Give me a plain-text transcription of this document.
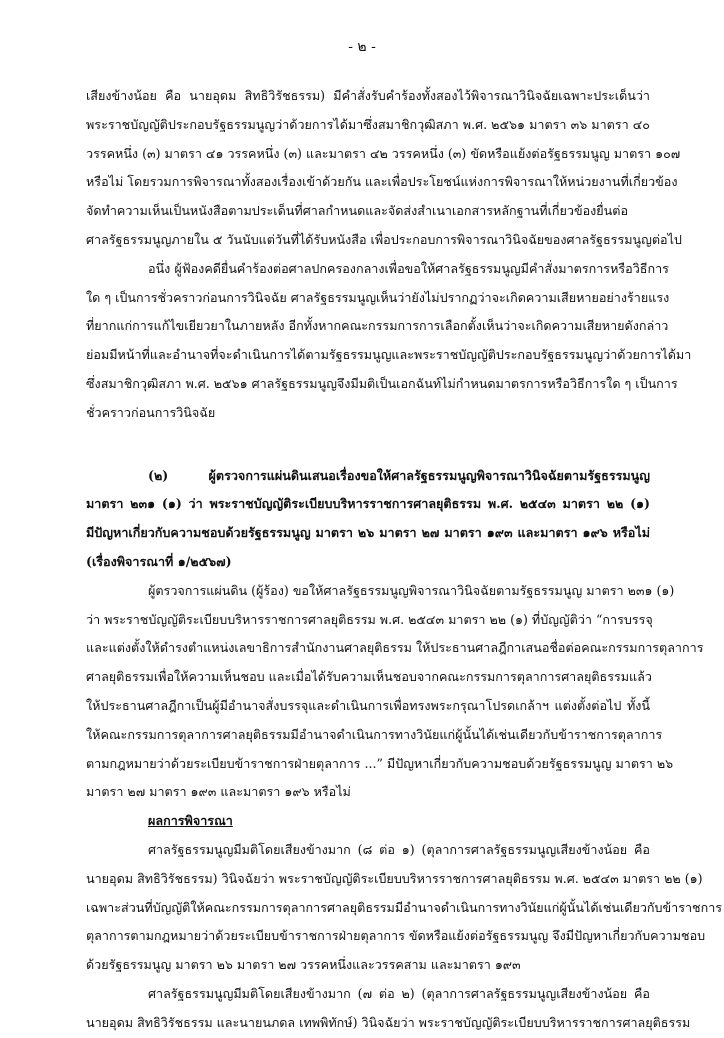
- ๒ -
เสียงข้างน้อย คือ นายอุดม สิทธิวิรัชธรรม) มีคำสั่งรับคำร้องทั้งสองไว้พิจารณาวินิจฉัยเฉพาะประเด็นว่า
พระราชบัญญัติประกอบรัฐธรรมนูญว่าด้วยการได้มาซึ่งสมาชิกวุฒิสภา พ.ศ. ๒๕๖๑ มาตรา ๓๖ มาตรา ๔๐
วรรคหนึ่ง (๓) มาตรา ๔๑ วรรคหนึ่ง (๓) และมาตรา ๔๒ วรรคหนึ่ง (๓) ขัดหรือแย้งต่อรัฐธรรมนูญ มาตรา ๑๐๗
หรือไม่ โดยรวมการพิจารณาทั้งสองเรื่องเข้าด้วยกัน และเพื่อประโยชน์แห่งการพิจารณาให้หน่วยงานที่เกี่ยวข้อง
จัดทำความเห็นเป็นหนังสือตามประเด็นที่ศาลกำหนดและจัดส่งสำเนาเอกสารหลักฐานที่เกี่ยวข้องยื่นต่อ
ศาลรัฐธรรมนูญภายใน ๕ วันนับแต่วันที่ได้รับหนังสือ เพื่อประกอบการพิจารณาวินิจฉัยของศาลรัฐธรรมนูญต่อไป
อนึ่ง ผู้ฟ้องคดียื่นคำร้องต่อศาลปกครองกลางเพื่อขอให้ศาลรัฐธรรมนูญมีคำสั่งมาตรการหรือวิธีการ
ใด ๆ เป็นการชั่วคราวก่อนการวินิจฉัย ศาลรัฐธรรมนูญเห็นว่ายังไม่ปรากฏว่าจะเกิดความเสียหายอย่างร้ายแรง
ที่ยากแก่การแก้ไขเยียวยาในภายหลัง อีกทั้งหากคณะกรรมการการเลือกตั้งเห็นว่าจะเกิดความเสียหายดังกล่าว
ย่อมมีหน้าที่และอำนาจที่จะดำเนินการได้ตามรัฐธรรมนูญและพระราชบัญญัติประกอบรัฐธรรมนูญว่าด้วยการได้มา
ซึ่งสมาชิกวุฒิสภา พ.ศ. ๒๕๖๑ ศาลรัฐธรรมนูญจึงมีมติเป็นเอกฉันท์ไม่กำหนดมาตรการหรือวิธีการใด ๆ เป็นการ
ชั่วคราวก่อนการวินิจฉัย
(๒) ผู้ตรวจการแผ่นดินเสนอเรื่องขอให้ศาลรัฐธรรมนูญพิจารณาวินิจฉัยตามรัฐธรรมนูญ
มาตรา ๒๓๑ (๑) ว่า พระราชบัญญัติระเบียบบริหารราชการศาลยุติธรรม พ.ศ. ๒๕๔๓ มาตรา ๒๒ (๑)
มีปัญหาเกี่ยวกับความชอบด้วยรัฐธรรมนูญ มาตรา ๒๖ มาตรา ๒๗ มาตรา ๑๙๓ และมาตรา ๑๙๖ หรือไม่
(เรื่องพิจารณาที่ ๑/๒๕๖๗)
ผู้ตรวจการแผ่นดิน (ผู้ร้อง) ขอให้ศาลรัฐธรรมนูญพิจารณาวินิจฉัยตามรัฐธรรมนูญ มาตรา ๒๓๑ (๑)
ว่า พระราชบัญญัติระเบียบบริหารราชการศาลยุติธรรม พ.ศ. ๒๕๔๓ มาตรา ๒๒ (๑) ที่บัญญัติว่า “การบรรจุ
และแต่งตั้งให้ดำรงตำแหน่งเลขาธิการสำนักงานศาลยุติธรรม ให้ประธานศาลฎีกาเสนอชื่อต่อคณะกรรมการตุลาการ
ศาลยุติธรรมเพื่อให้ความเห็นชอบ และเมื่อได้รับความเห็นชอบจากคณะกรรมการตุลาการศาลยุติธรรมแล้ว
ให้ประธานศาลฎีกาเป็นผู้มีอำนาจสั่งบรรจุและดำเนินการเพื่อทรงพระกรุณาโปรดเกล้าฯ แต่งตั้งต่อไป ทั้งนี้
ให้คณะกรรมการตุลาการศาลยุติธรรมมีอำนาจดำเนินการทางวินัยแก่ผู้นั้นได้เช่นเดียวกับข้าราชการตุลาการ
ตามกฎหมายว่าด้วยระเบียบข้าราชการฝ่ายตุลาการ ...” มีปัญหาเกี่ยวกับความชอบด้วยรัฐธรรมนูญ มาตรา ๒๖
มาตรา ๒๗ มาตรา ๑๙๓ และมาตรา ๑๙๖ หรือไม่
ผลการพิจารณา
ศาลรัฐธรรมนูญมีมติโดยเสียงข้างมาก (๘ ต่อ ๑) (ตุลาการศาลรัฐธรรมนูญเสียงข้างน้อย คือ
นายอุดม สิทธิวิรัชธรรม) วินิจฉัยว่า พระราชบัญญัติระเบียบบริหารราชการศาลยุติธรรม พ.ศ. ๒๕๔๓ มาตรา ๒๒ (๑)
เฉพาะส่วนที่บัญญัติให้คณะกรรมการตุลาการศาลยุติธรรมมีอำนาจดำเนินการทางวินัยแก่ผู้นั้นได้เช่นเดียวกับข้าราชการ
ตุลาการตามกฎหมายว่าด้วยระเบียบข้าราชการฝ่ายตุลาการ ขัดหรือแย้งต่อรัฐธรรมนูญ จึงมีปัญหาเกี่ยวกับความชอบ
ด้วยรัฐธรรมนูญ มาตรา ๒๖ มาตรา ๒๗ วรรคหนึ่งและวรรคสาม และมาตรา ๑๙๓
ศาลรัฐธรรมนูญมีมติโดยเสียงข้างมาก (๗ ต่อ ๒) (ตุลาการศาลรัฐธรรมนูญเสียงข้างน้อย คือ
นายอุดม สิทธิวิรัชธรรม และนายนภดล เทพพิทักษ์) วินิจฉัยว่า พระราชบัญญัติระเบียบบริหารราชการศาลยุติธรรม
